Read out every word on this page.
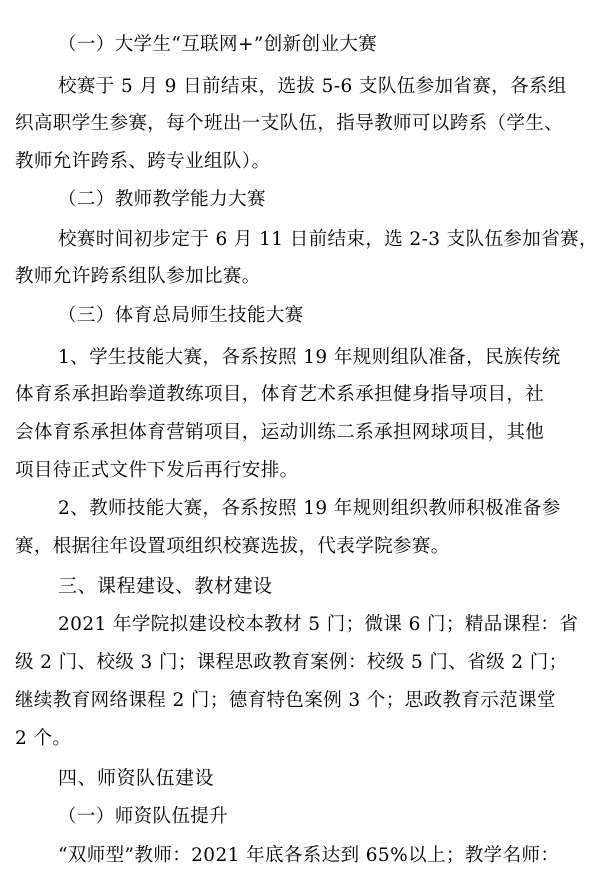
（一）大学生“互联网+”创新创业大赛
校赛于 5 月 9 日前结束，选拔 5-6 支队伍参加省赛，各系组
织高职学生参赛，每个班出一支队伍，指导教师可以跨系（学生、
教师允许跨系、跨专业组队）。
（二）教师教学能力大赛
校赛时间初步定于 6 月 11 日前结束，选 2-3 支队伍参加省赛，
教师允许跨系组队参加比赛。
（三）体育总局师生技能大赛
1、学生技能大赛，各系按照 19 年规则组队准备，民族传统
体育系承担跆拳道教练项目，体育艺术系承担健身指导项目，社
会体育系承担体育营销项目，运动训练二系承担网球项目，其他
项目待正式文件下发后再行安排。
2、教师技能大赛，各系按照 19 年规则组织教师积极准备参
赛，根据往年设置项组织校赛选拔，代表学院参赛。
三、课程建设、教材建设
2021 年学院拟建设校本教材 5 门；微课 6 门；精品课程：省
级 2 门、校级 3 门；课程思政教育案例：校级 5 门、省级 2 门；
继续教育网络课程 2 门；德育特色案例 3 个；思政教育示范课堂
2 个。
四、师资队伍建设
（一）师资队伍提升
“双师型”教师：2021 年底各系达到 65%以上；教学名师：
